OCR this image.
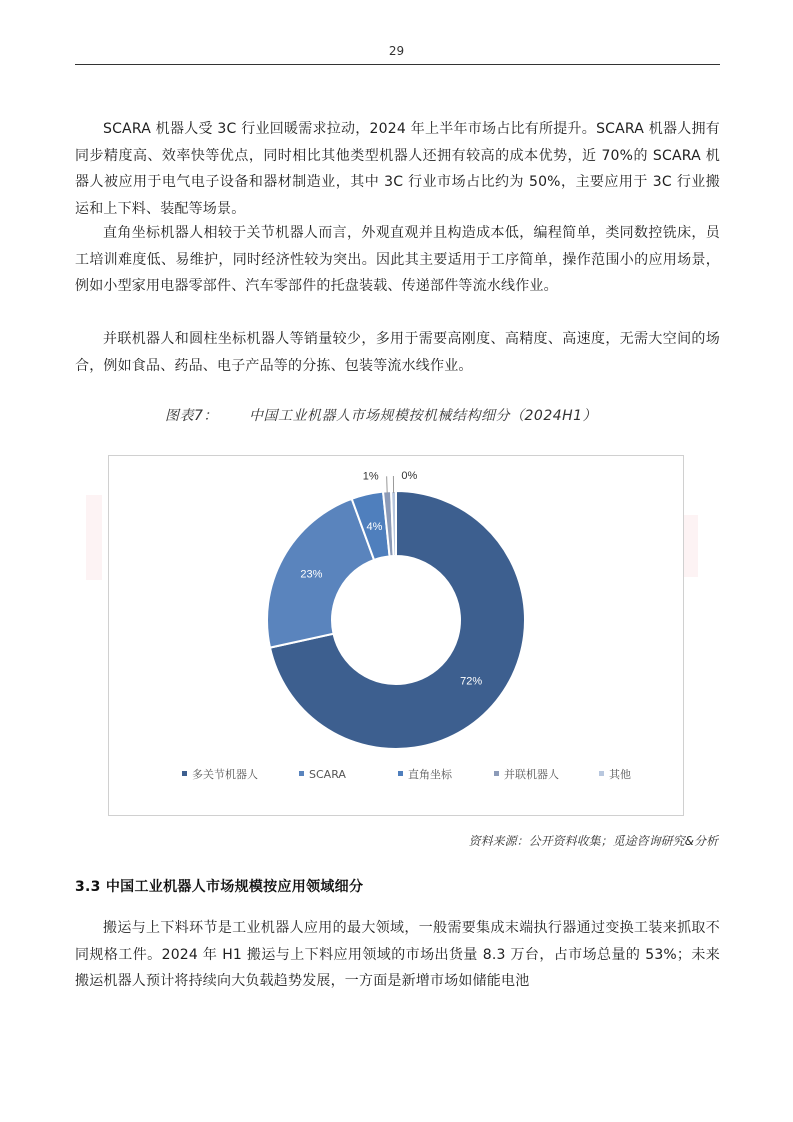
29

SCARA 机器人受 3C 行业回暖需求拉动，2024 年上半年市场占比有所提升。SCARA 机器人拥有同步精度高、效率快等优点，同时相比其他类型机器人还拥有较高的成本优势，近 70%的 SCARA 机器人被应用于电气电子设备和器材制造业，其中 3C 行业市场占比约为 50%，主要应用于 3C 行业搬运和上下料、装配等场景。

直角坐标机器人相较于关节机器人而言，外观直观并且构造成本低，编程简单，类同数控铣床，员工培训难度低、易维护，同时经济性较为突出。因此其主要适用于工序简单，操作范围小的应用场景，例如小型家用电器零部件、汽车零部件的托盘装载、传递部件等流水线作业。

并联机器人和圆柱坐标机器人等销量较少，多用于需要高刚度、高精度、高速度，无需大空间的场合，例如食品、药品、电子产品等的分拣、包装等流水线作业。

图表7： 中国工业机器人市场规模按机械结构细分（2024H1）
72%
23%
4%
1% 0%
多关节机器人	SCARA	直角坐标	并联机器人	其他
资料来源：公开资料收集；觅途咨询研究&分析
3.3 中国工业机器人市场规模按应用领域细分

搬运与上下料环节是工业机器人应用的最大领域，一般需要集成末端执行器通过变换工装来抓取不同规格工件。2024 年 H1 搬运与上下料应用领域的市场出货量 8.3 万台，占市场总量的 53%；未来搬运机器人预计将持续向大负载趋势发展，一方面是新增市场如储能电池
